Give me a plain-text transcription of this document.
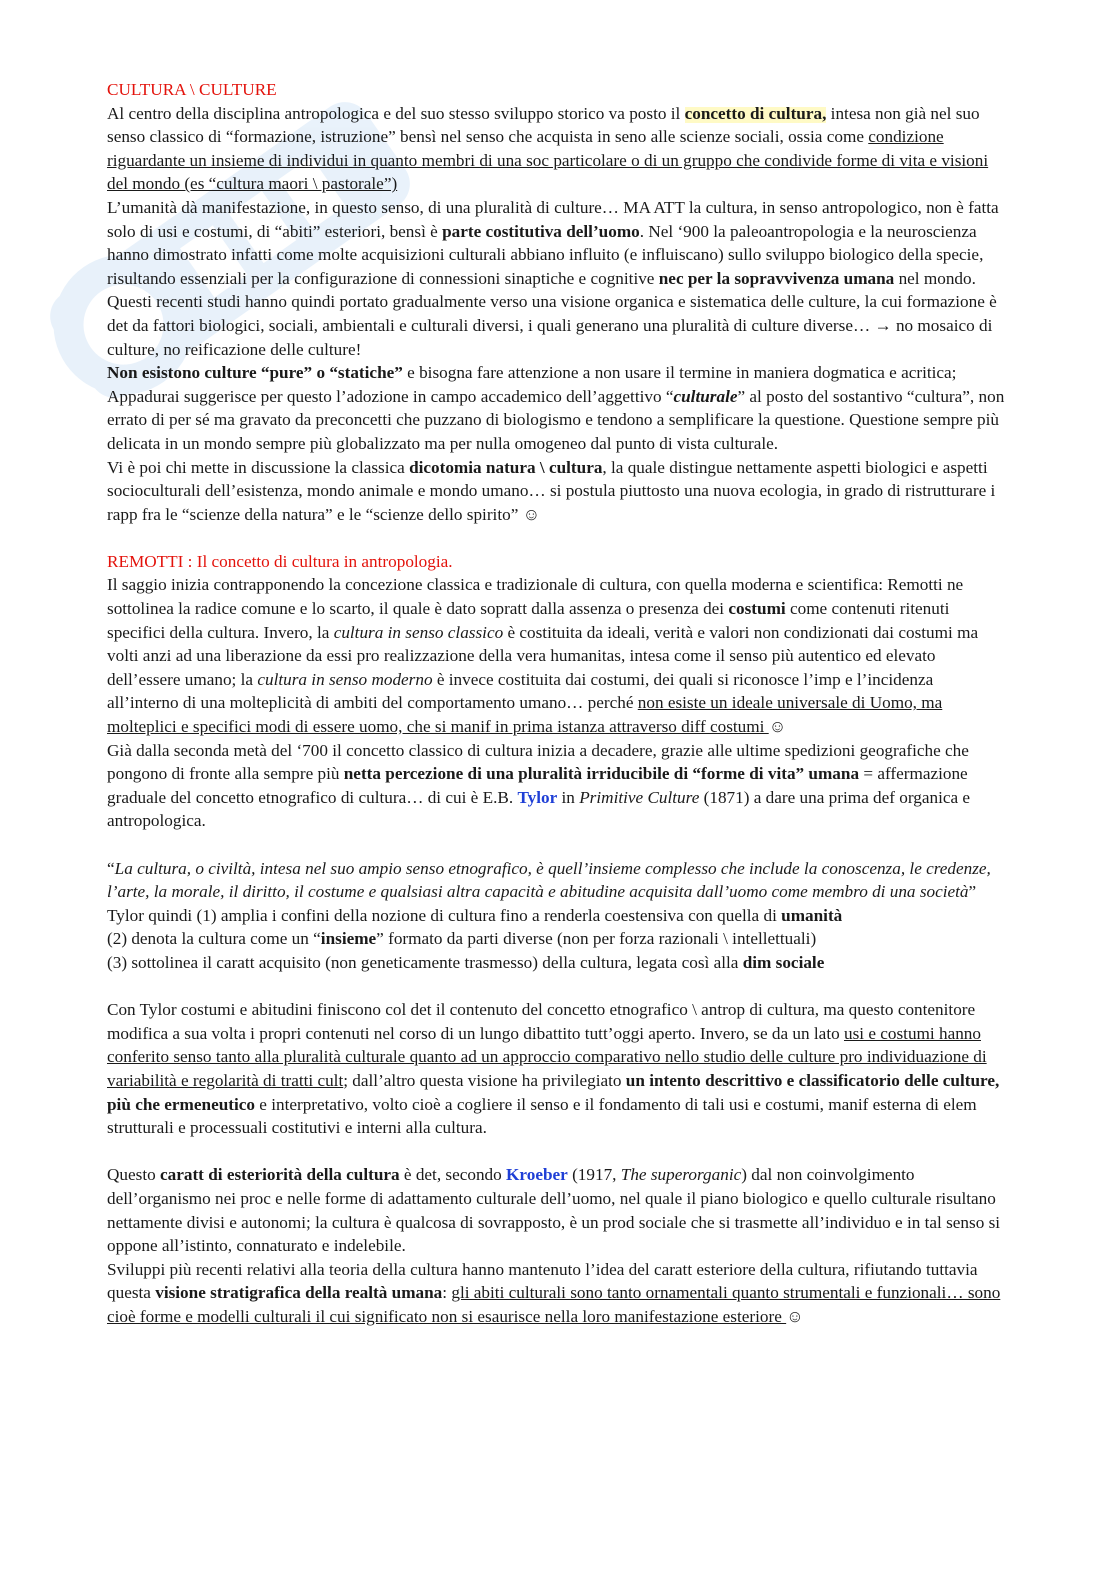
CULTURA \ CULTURE

Al centro della disciplina antropologica e del suo stesso sviluppo storico va posto il concetto di cultura, intesa non già nel suo senso classico di “formazione, istruzione” bensì nel senso che acquista in seno alle scienze sociali, ossia come condizione riguardante un insieme di individui in quanto membri di una soc particolare o di un gruppo che condivide forme di vita e visioni del mondo (es “cultura maori \ pastorale”)

L’umanità dà manifestazione, in questo senso, di una pluralità di culture… MA ATT la cultura, in senso antropologico, non è fatta solo di usi e costumi, di “abiti” esteriori, bensì è parte costitutiva dell’uomo. Nel ‘900 la paleoantropologia e la neuroscienza hanno dimostrato infatti come molte acquisizioni culturali abbiano influito (e influiscano) sullo sviluppo biologico della specie, risultando essenziali per la configurazione di connessioni sinaptiche e cognitive nec per la sopravvivenza umana nel mondo.

Questi recenti studi hanno quindi portato gradualmente verso una visione organica e sistematica delle culture, la cui formazione è det da fattori biologici, sociali, ambientali e culturali diversi, i quali generano una pluralità di culture diverse… → no mosaico di culture, no reificazione delle culture!

Non esistono culture “pure” o “statiche” e bisogna fare attenzione a non usare il termine in maniera dogmatica e acritica; Appadurai suggerisce per questo l’adozione in campo accademico dell’aggettivo “culturale” al posto del sostantivo “cultura”, non errato di per sé ma gravato da preconcetti che puzzano di biologismo e tendono a semplificare la questione. Questione sempre più delicata in un mondo sempre più globalizzato ma per nulla omogeneo dal punto di vista culturale.

Vi è poi chi mette in discussione la classica dicotomia natura \ cultura, la quale distingue nettamente aspetti biologici e aspetti socioculturali dell’esistenza, mondo animale e mondo umano… si postula piuttosto una nuova ecologia, in grado di ristrutturare i rapp fra le “scienze della natura” e le “scienze dello spirito” ☺

REMOTTI : Il concetto di cultura in antropologia.

Il saggio inizia contrapponendo la concezione classica e tradizionale di cultura, con quella moderna e scientifica: Remotti ne sottolinea la radice comune e lo scarto, il quale è dato sopratt dalla assenza o presenza dei costumi come contenuti ritenuti specifici della cultura. Invero, la cultura in senso classico è costituita da ideali, verità e valori non condizionati dai costumi ma volti anzi ad una liberazione da essi pro realizzazione della vera humanitas, intesa come il senso più autentico ed elevato dell’essere umano; la cultura in senso moderno è invece costituita dai costumi, dei quali si riconosce l’imp e l’incidenza all’interno di una molteplicità di ambiti del comportamento umano… perché non esiste un ideale universale di Uomo, ma molteplici e specifici modi di essere uomo, che si manif in prima istanza attraverso diff costumi ☺

Già dalla seconda metà del ‘700 il concetto classico di cultura inizia a decadere, grazie alle ultime spedizioni geografiche che pongono di fronte alla sempre più netta percezione di una pluralità irriducibile di “forme di vita” umana = affermazione graduale del concetto etnografico di cultura… di cui è E.B. Tylor in Primitive Culture (1871) a dare una prima def organica e antropologica.

“La cultura, o civiltà, intesa nel suo ampio senso etnografico, è quell’insieme complesso che include la conoscenza, le credenze, l’arte, la morale, il diritto, il costume e qualsiasi altra capacità e abitudine acquisita dall’uomo come membro di una società”

Tylor quindi (1) amplia i confini della nozione di cultura fino a renderla coestensiva con quella di umanità

(2) denota la cultura come un “insieme” formato da parti diverse (non per forza razionali \ intellettuali)

(3) sottolinea il caratt acquisito (non geneticamente trasmesso) della cultura, legata così alla dim sociale

Con Tylor costumi e abitudini finiscono col det il contenuto del concetto etnografico \ antrop di cultura, ma questo contenitore modifica a sua volta i propri contenuti nel corso di un lungo dibattito tutt’oggi aperto. Invero, se da un lato usi e costumi hanno conferito senso tanto alla pluralità culturale quanto ad un approccio comparativo nello studio delle culture pro individuazione di variabilità e regolarità di tratti cult; dall’altro questa visione ha privilegiato un intento descrittivo e classificatorio delle culture, più che ermeneutico e interpretativo, volto cioè a cogliere il senso e il fondamento di tali usi e costumi, manif esterna di elem strutturali e processuali costitutivi e interni alla cultura.

Questo caratt di esteriorità della cultura è det, secondo Kroeber (1917, The superorganic) dal non coinvolgimento dell’organismo nei proc e nelle forme di adattamento culturale dell’uomo, nel quale il piano biologico e quello culturale risultano nettamente divisi e autonomi; la cultura è qualcosa di sovrapposto, è un prod sociale che si trasmette all’individuo e in tal senso si oppone all’istinto, connaturato e indelebile.

Sviluppi più recenti relativi alla teoria della cultura hanno mantenuto l’idea del caratt esteriore della cultura, rifiutando tuttavia questa visione stratigrafica della realtà umana: gli abiti culturali sono tanto ornamentali quanto strumentali e funzionali… sono cioè forme e modelli culturali il cui significato non si esaurisce nella loro manifestazione esteriore ☺
